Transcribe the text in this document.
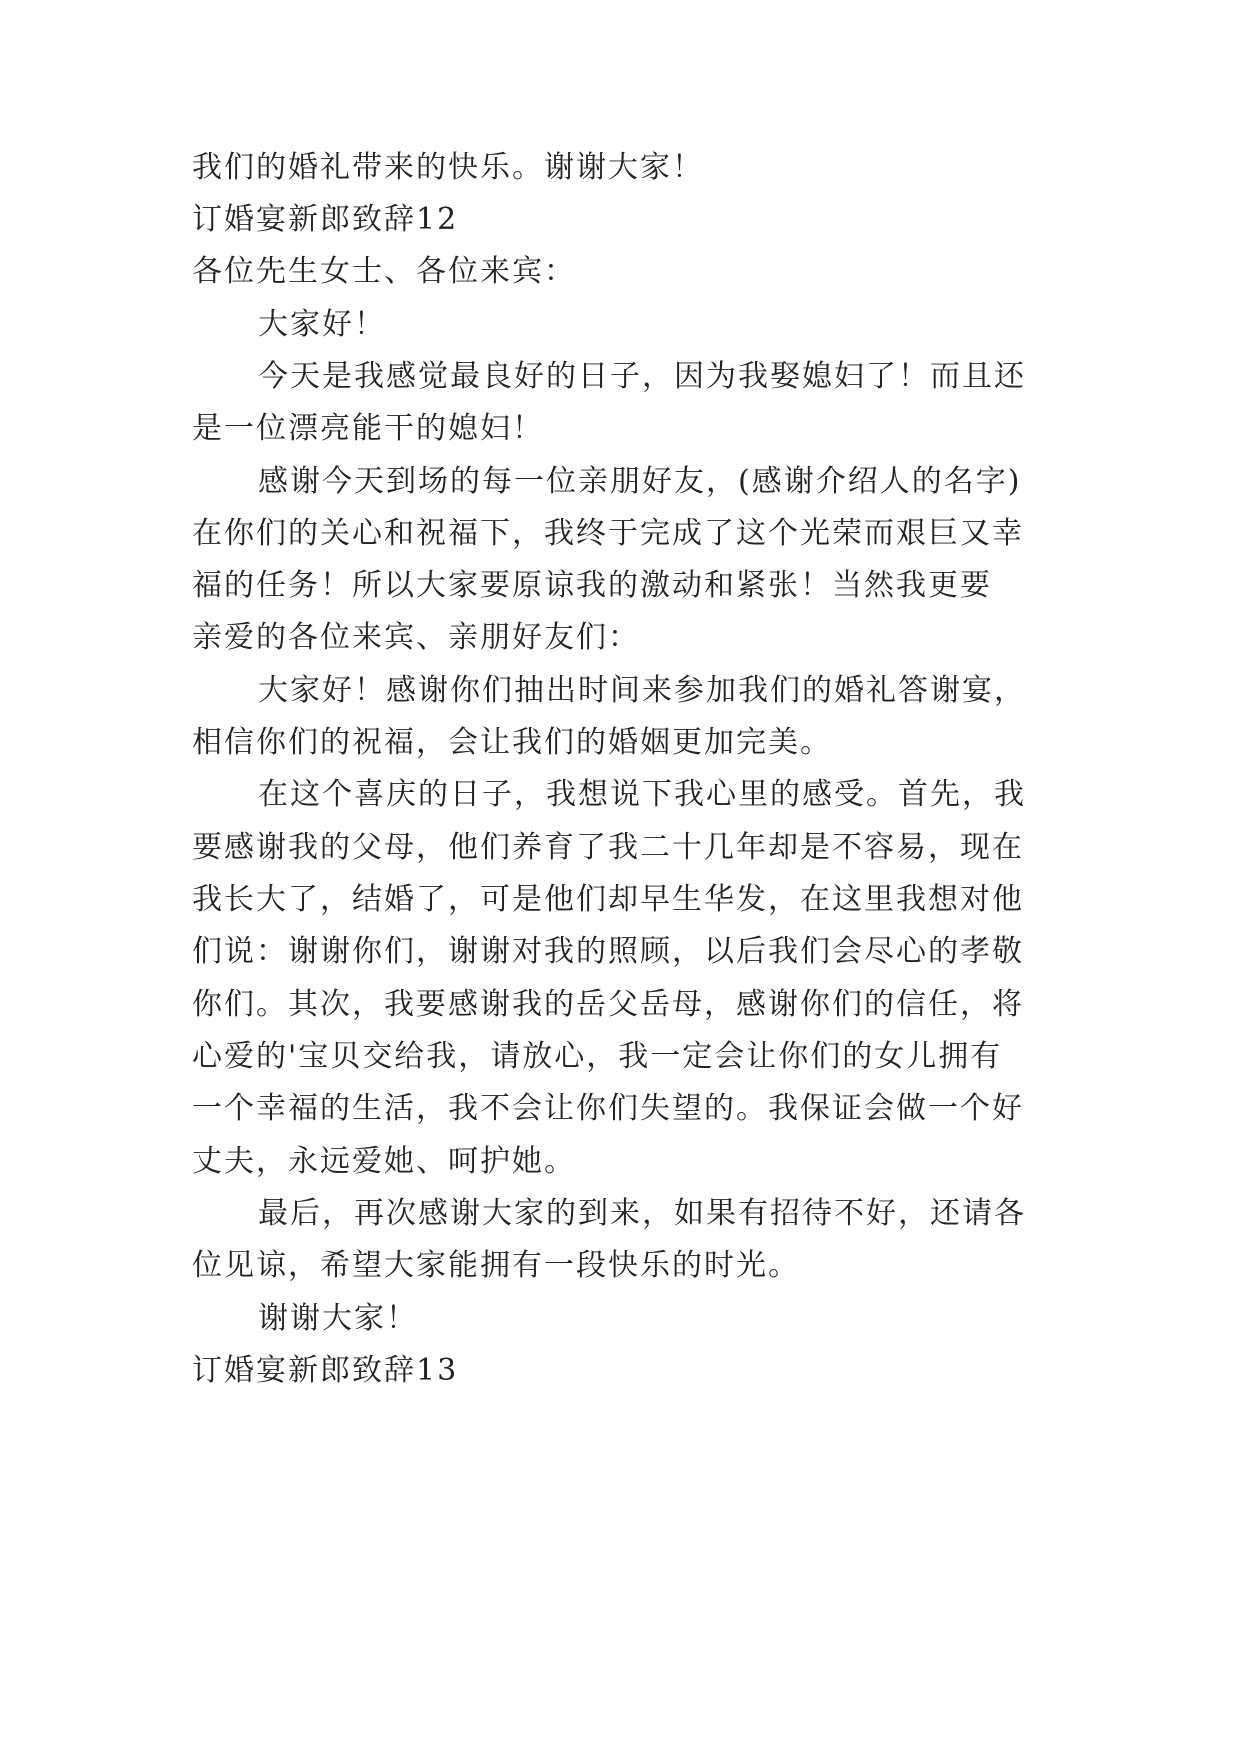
我们的婚礼带来的快乐。谢谢大家！
订婚宴新郎致辞12
各位先生女士、各位来宾：
大家好！
今天是我感觉最良好的日子，因为我娶媳妇了！而且还
是一位漂亮能干的媳妇！
感谢今天到场的每一位亲朋好友，(感谢介绍人的名字)
在你们的关心和祝福下，我终于完成了这个光荣而艰巨又幸
福的任务！所以大家要原谅我的激动和紧张！当然我更要
亲爱的各位来宾、亲朋好友们：
大家好！感谢你们抽出时间来参加我们的婚礼答谢宴，
相信你们的祝福，会让我们的婚姻更加完美。
在这个喜庆的日子，我想说下我心里的感受。首先，我
要感谢我的父母，他们养育了我二十几年却是不容易，现在
我长大了，结婚了，可是他们却早生华发，在这里我想对他
们说：谢谢你们，谢谢对我的照顾，以后我们会尽心的孝敬
你们。其次，我要感谢我的岳父岳母，感谢你们的信任，将
心爱的'宝贝交给我，请放心，我一定会让你们的女儿拥有
一个幸福的生活，我不会让你们失望的。我保证会做一个好
丈夫，永远爱她、呵护她。
最后，再次感谢大家的到来，如果有招待不好，还请各
位见谅，希望大家能拥有一段快乐的时光。
谢谢大家！
订婚宴新郎致辞13
